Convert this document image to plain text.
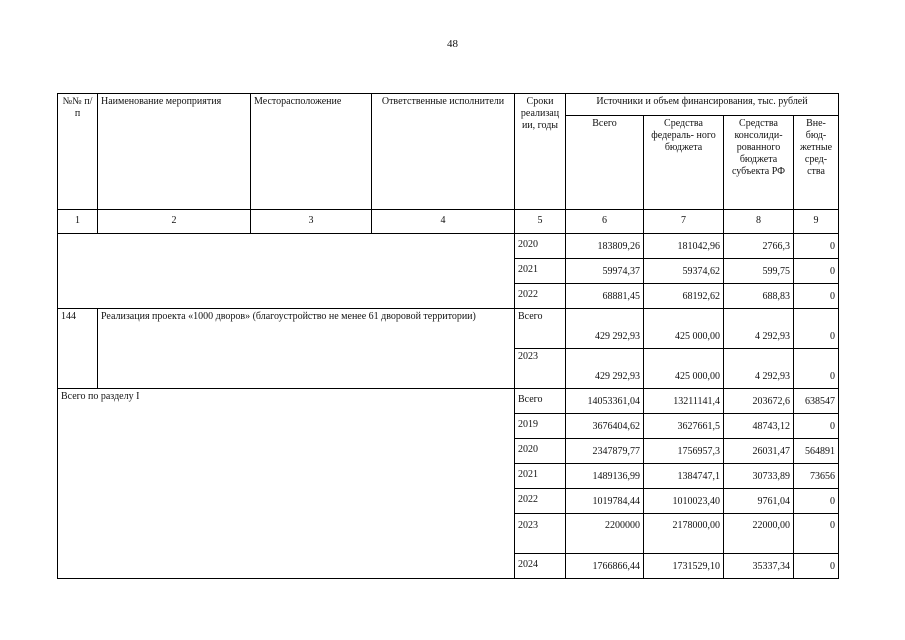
48
№№ п/п	Наименование мероприятия	Месторасположение	Ответственные исполнители	Сроки реализац ии, годы	Источники и объем финансирования, тыс. рублей			
					Всего	Средства федераль- ного бюджета	Средства консолиди- рованного бюджета субъекта РФ	Вне- бюд- жетные сред- ства
1	2	3	4	5	6	7	8	9
				2020	183809,26	181042,96	2766,3	0
				2021	59974,37	59374,62	599,75	0
				2022	68881,45	68192,62	688,83	0
144	Реализация проекта «1000 дворов» (благоустройство не менее 61 дворовой территории)			Всего	429 292,93	425 000,00	4 292,93	0
				2023	429 292,93	425 000,00	4 292,93	0
Всего по разделу I				Всего	14053361,04	13211141,4	203672,6	638547
				2019	3676404,62	3627661,5	48743,12	0
				2020	2347879,77	1756957,3	26031,47	564891
				2021	1489136,99	1384747,1	30733,89	73656
				2022	1019784,44	1010023,40	9761,04	0
				2023	2200000	2178000,00	22000,00	0
				2024	1766866,44	1731529,10	35337,34	0
